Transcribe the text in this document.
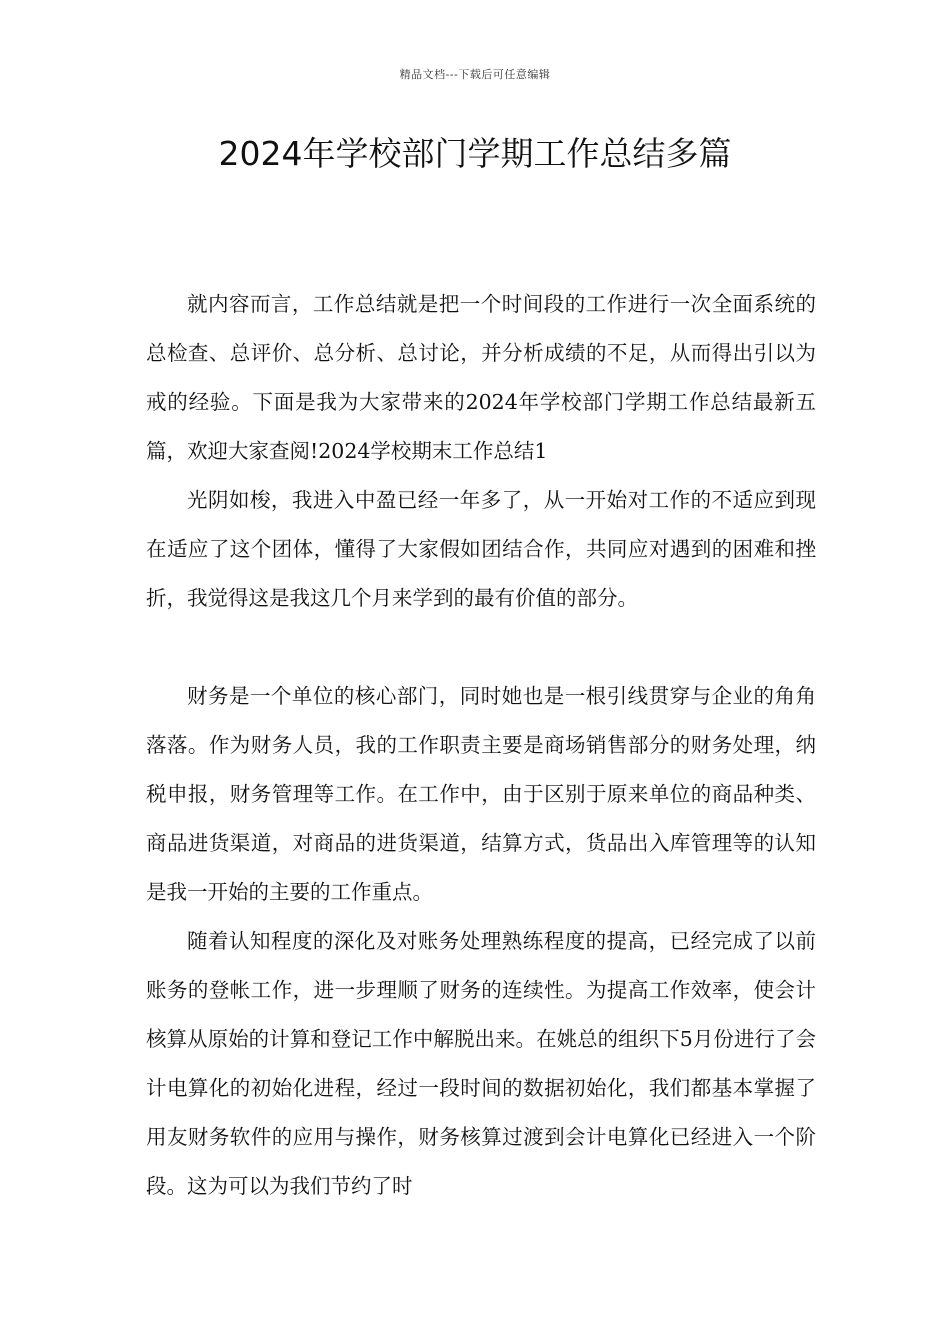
精品文档---下载后可任意编辑
2024年学校部门学期工作总结多篇

就内容而言，工作总结就是把一个时间段的工作进行一次全面系统的总检查、总评价、总分析、总讨论，并分析成绩的不足，从而得出引以为戒的经验。下面是我为大家带来的2024年学校部门学期工作总结最新五篇，欢迎大家查阅!2024学校期末工作总结1

光阴如梭，我进入中盈已经一年多了，从一开始对工作的不适应到现在适应了这个团体，懂得了大家假如团结合作，共同应对遇到的困难和挫折，我觉得这是我这几个月来学到的最有价值的部分。

财务是一个单位的核心部门，同时她也是一根引线贯穿与企业的角角落落。作为财务人员，我的工作职责主要是商场销售部分的财务处理，纳税申报，财务管理等工作。在工作中，由于区别于原来单位的商品种类、商品进货渠道，对商品的进货渠道，结算方式，货品出入库管理等的认知是我一开始的主要的工作重点。

随着认知程度的深化及对账务处理熟练程度的提高，已经完成了以前账务的登帐工作，进一步理顺了财务的连续性。为提高工作效率，使会计核算从原始的计算和登记工作中解脱出来。在姚总的组织下5月份进行了会计电算化的初始化进程，经过一段时间的数据初始化，我们都基本掌握了用友财务软件的应用与操作，财务核算过渡到会计电算化已经进入一个阶段。这为可以为我们节约了时
